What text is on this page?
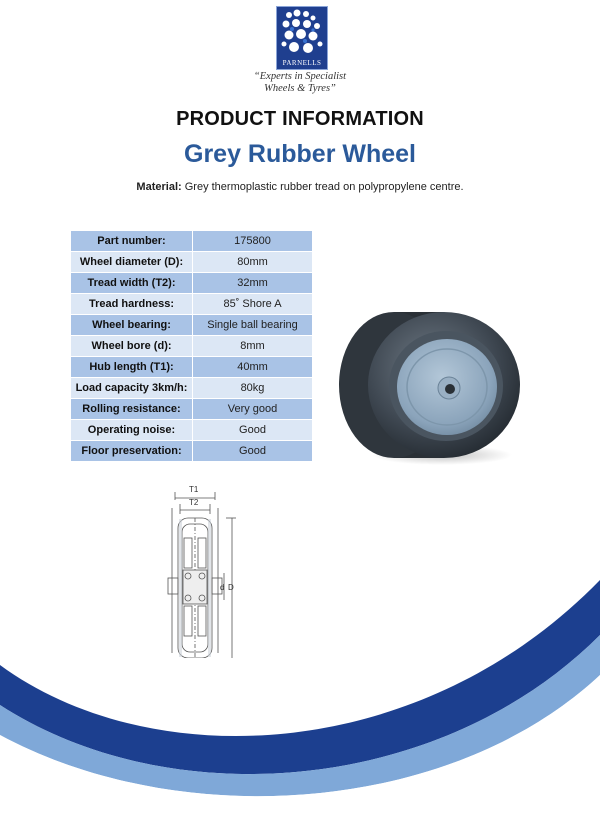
PARNELLS
“Experts in Specialist
Wheels & Tyres”
PRODUCT INFORMATION
Grey Rubber Wheel
Material: Grey thermoplastic rubber tread on polypropylene centre.
Part number:	175800
Wheel diameter (D):	80mm
Tread width (T2):	32mm
Tread hardness:	85˚ Shore A
Wheel bearing:	Single ball bearing
Wheel bore (d):	8mm
Hub length (T1):	40mm
Load capacity 3km/h:	80kg
Rolling resistance:	Very good
Operating noise:	Good
Floor preservation:	Good
T1
T2
d D
